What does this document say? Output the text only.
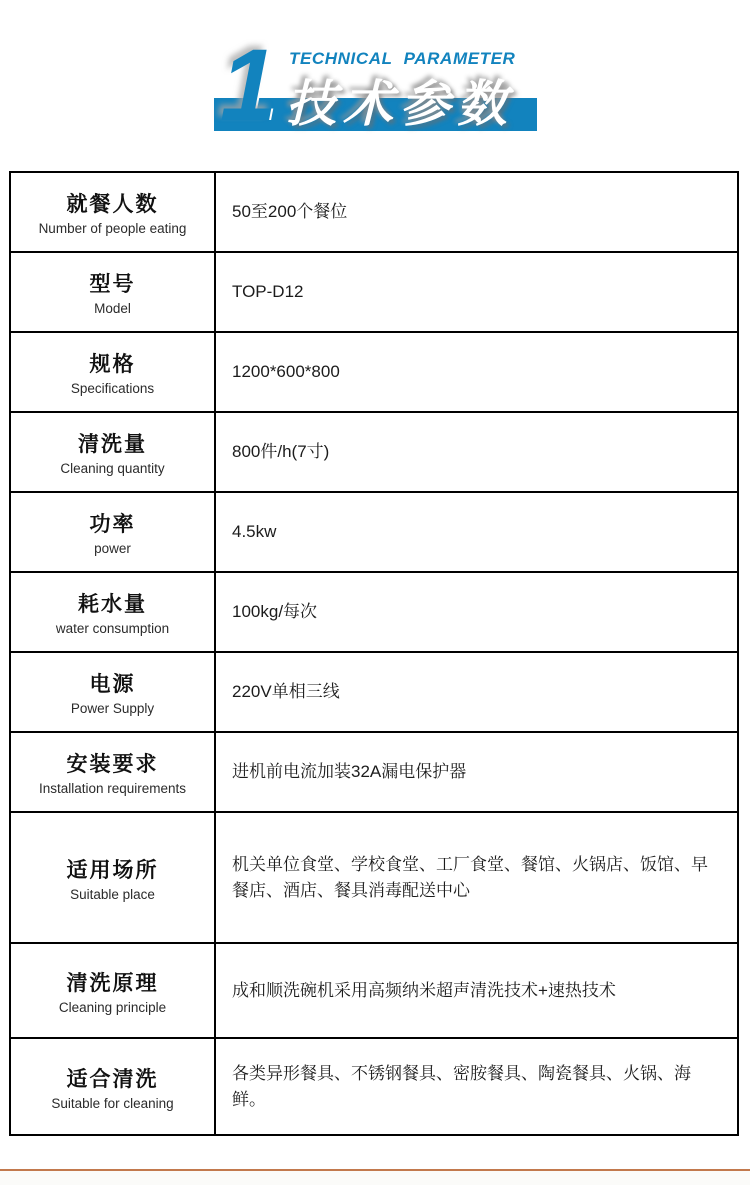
1 TECHNICAL PARAMETER
技术参数
就餐人数
Number of people eating
50至200个餐位
型号
Model
TOP-D12
规格
Specifications
1200*600*800
清洗量
Cleaning quantity
800件/h(7寸)
功率
power
4.5kw
耗水量
water consumption
100kg/每次
电源
Power Supply
220V单相三线
安装要求
Installation requirements
进机前电流加装32A漏电保护器
适用场所
Suitable place
机关单位食堂、学校食堂、工厂食堂、餐馆、火锅店、饭馆、早餐店、酒店、餐具消毒配送中心
清洗原理
Cleaning principle
成和顺洗碗机采用高频纳米超声清洗技术+速热技术
适合清洗
Suitable for cleaning
各类异形餐具、不锈钢餐具、密胺餐具、陶瓷餐具、火锅、海鲜。
